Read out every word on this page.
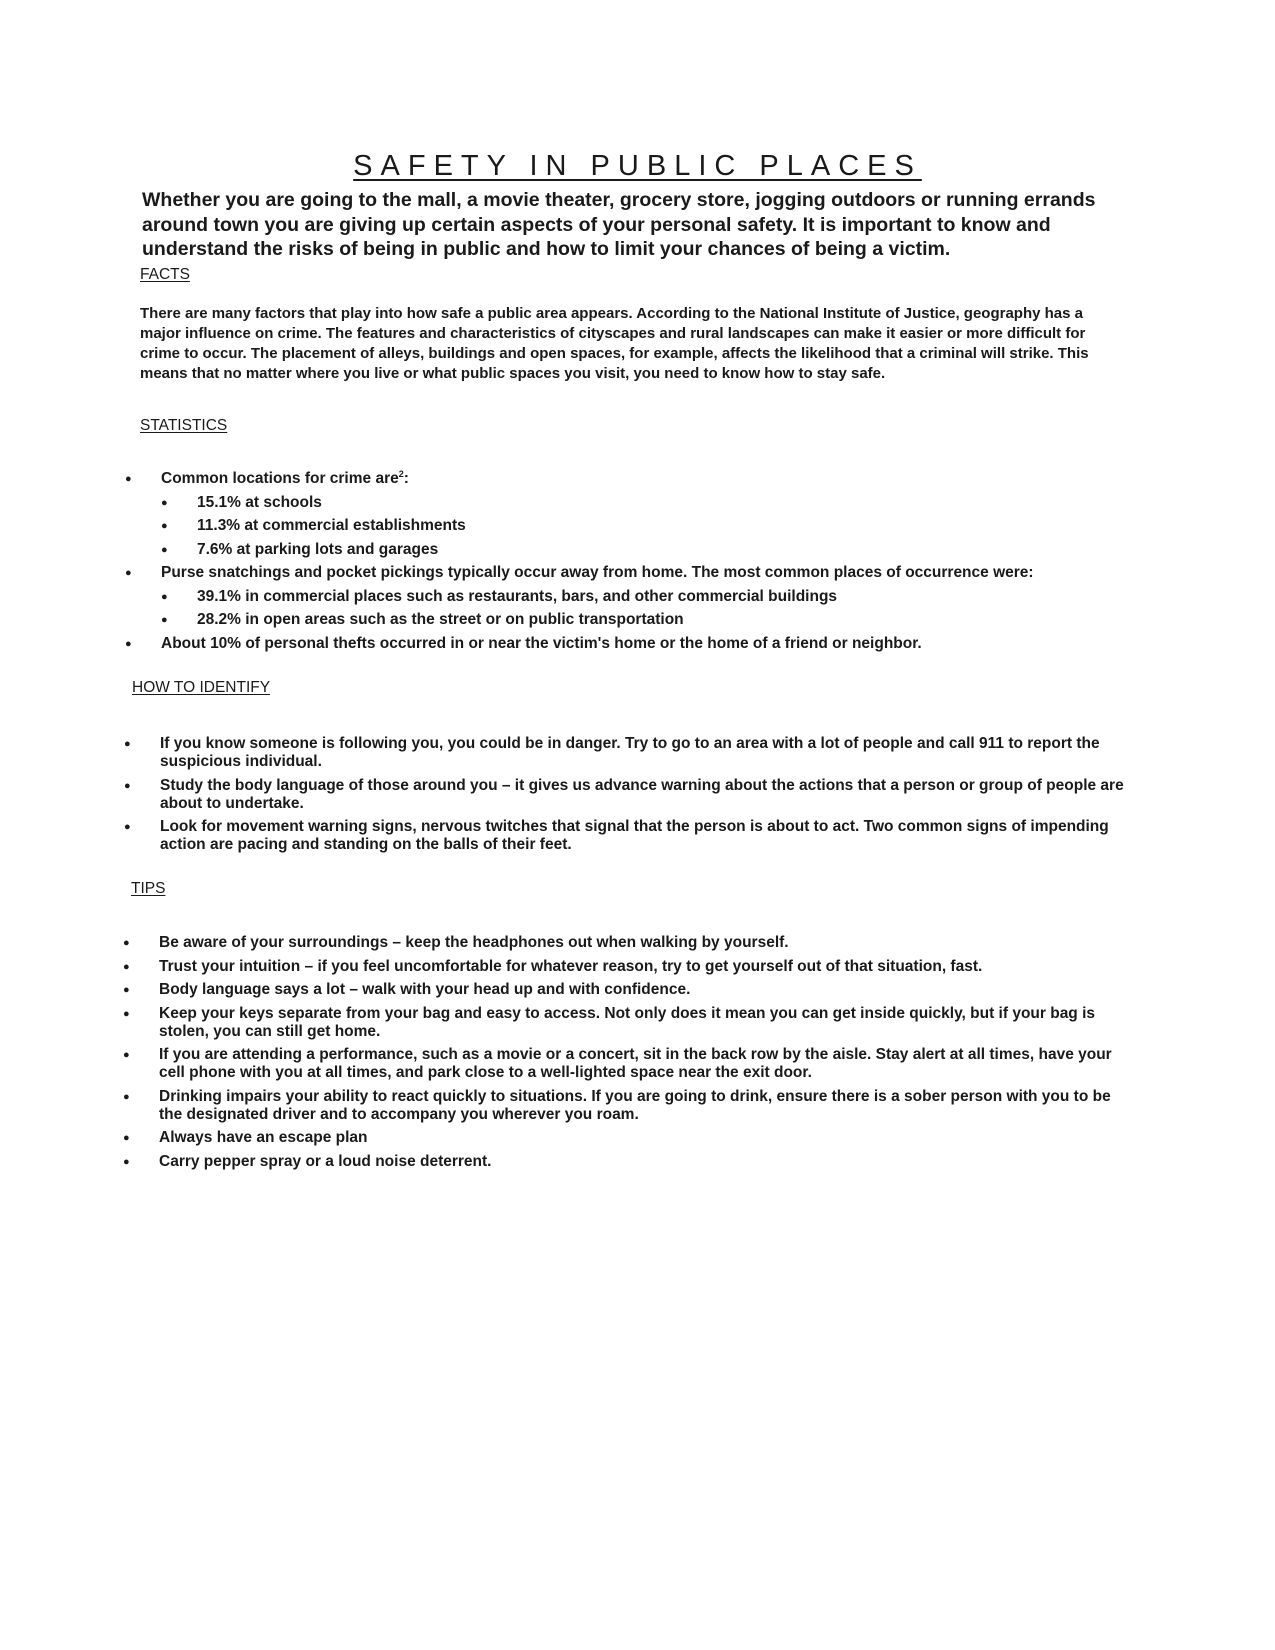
SAFETY IN PUBLIC PLACES

Whether you are going to the mall, a movie theater, grocery store, jogging outdoors or running errands around town you are giving up certain aspects of your personal safety. It is important to know and understand the risks of being in public and how to limit your chances of being a victim.

FACTS

There are many factors that play into how safe a public area appears. According to the National Institute of Justice, geography has a major influence on crime. The features and characteristics of cityscapes and rural landscapes can make it easier or more difficult for crime to occur. The placement of alleys, buildings and open spaces, for example, affects the likelihood that a criminal will strike. This means that no matter where you live or what public spaces you visit, you need to know how to stay safe.

STATISTICS

● Common locations for crime are$^2$:
● 15.1% at schools
● 11.3% at commercial establishments
● 7.6% at parking lots and garages
● Purse snatchings and pocket pickings typically occur away from home. The most common places of occurrence were:
● 39.1% in commercial places such as restaurants, bars, and other commercial buildings
● 28.2% in open areas such as the street or on public transportation
● About 10% of personal thefts occurred in or near the victim's home or the home of a friend or neighbor.

HOW TO IDENTIFY

● If you know someone is following you, you could be in danger. Try to go to an area with a lot of people and call 911 to report the suspicious individual.
● Study the body language of those around you – it gives us advance warning about the actions that a person or group of people are about to undertake.
● Look for movement warning signs, nervous twitches that signal that the person is about to act. Two common signs of impending action are pacing and standing on the balls of their feet.

TIPS

● Be aware of your surroundings – keep the headphones out when walking by yourself.
● Trust your intuition – if you feel uncomfortable for whatever reason, try to get yourself out of that situation, fast.
● Body language says a lot – walk with your head up and with confidence.
● Keep your keys separate from your bag and easy to access. Not only does it mean you can get inside quickly, but if your bag is stolen, you can still get home.
● If you are attending a performance, such as a movie or a concert, sit in the back row by the aisle. Stay alert at all times, have your cell phone with you at all times, and park close to a well-lighted space near the exit door.
● Drinking impairs your ability to react quickly to situations. If you are going to drink, ensure there is a sober person with you to be the designated driver and to accompany you wherever you roam.
● Always have an escape plan
● Carry pepper spray or a loud noise deterrent.
